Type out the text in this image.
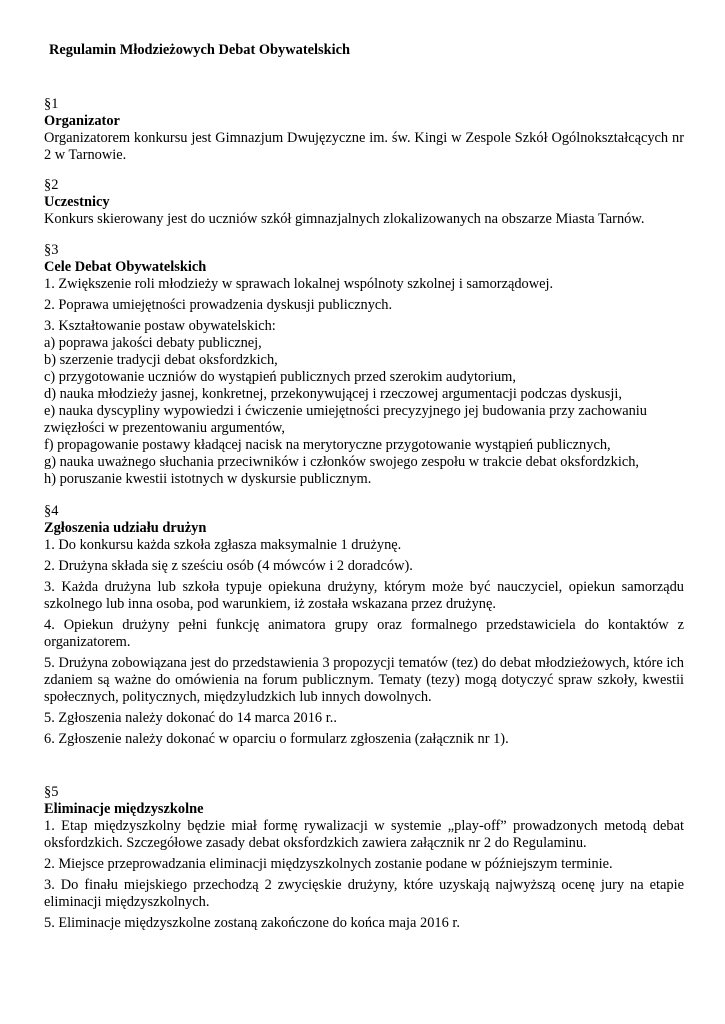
Regulamin Młodzieżowych Debat Obywatelskich

§1

Organizator

Organizatorem konkursu jest Gimnazjum Dwujęzyczne im. św. Kingi w Zespole Szkół Ogólnokształcących nr 2 w Tarnowie.

§2

Uczestnicy

Konkurs skierowany jest do uczniów szkół gimnazjalnych zlokalizowanych na obszarze Miasta Tarnów.

§3

Cele Debat Obywatelskich

1. Zwiększenie roli młodzieży w sprawach lokalnej wspólnoty szkolnej i samorządowej.

2. Poprawa umiejętności prowadzenia dyskusji publicznych.

3. Kształtowanie postaw obywatelskich:

a) poprawa jakości debaty publicznej,

b) szerzenie tradycji debat oksfordzkich,

c) przygotowanie uczniów do wystąpień publicznych przed szerokim audytorium,

d) nauka młodzieży jasnej, konkretnej, przekonywującej i rzeczowej argumentacji podczas dyskusji,

e) nauka dyscypliny wypowiedzi i ćwiczenie umiejętności precyzyjnego jej budowania przy zachowaniu zwięzłości w prezentowaniu argumentów,

f) propagowanie postawy kładącej nacisk na merytoryczne przygotowanie wystąpień publicznych,

g) nauka uważnego słuchania przeciwników i członków swojego zespołu w trakcie debat oksfordzkich,

h) poruszanie kwestii istotnych w dyskursie publicznym.

§4

Zgłoszenia udziału drużyn

1. Do konkursu każda szkoła zgłasza maksymalnie 1 drużynę.

2. Drużyna składa się z sześciu osób (4 mówców i 2 doradców).

3. Każda drużyna lub szkoła typuje opiekuna drużyny, którym może być nauczyciel, opiekun samorządu szkolnego lub inna osoba, pod warunkiem, iż została wskazana przez drużynę.

4. Opiekun drużyny pełni funkcję animatora grupy oraz formalnego przedstawiciela do kontaktów z organizatorem.

5. Drużyna zobowiązana jest do przedstawienia 3 propozycji tematów (tez) do debat młodzieżowych, które ich zdaniem są ważne do omówienia na forum publicznym. Tematy (tezy) mogą dotyczyć spraw szkoły, kwestii społecznych, politycznych, międzyludzkich lub innych dowolnych.

5. Zgłoszenia należy dokonać do 14 marca 2016 r..

6. Zgłoszenie należy dokonać w oparciu o formularz zgłoszenia (załącznik nr 1).

§5

Eliminacje międzyszkolne

1. Etap międzyszkolny będzie miał formę rywalizacji w systemie „play-off” prowadzonych metodą debat oksfordzkich. Szczegółowe zasady debat oksfordzkich zawiera załącznik nr 2 do Regulaminu.

2. Miejsce przeprowadzania eliminacji międzyszkolnych zostanie podane w późniejszym terminie.

3. Do finału miejskiego przechodzą 2 zwycięskie drużyny, które uzyskają najwyższą ocenę jury na etapie eliminacji międzyszkolnych.

5. Eliminacje międzyszkolne zostaną zakończone do końca maja 2016 r.
